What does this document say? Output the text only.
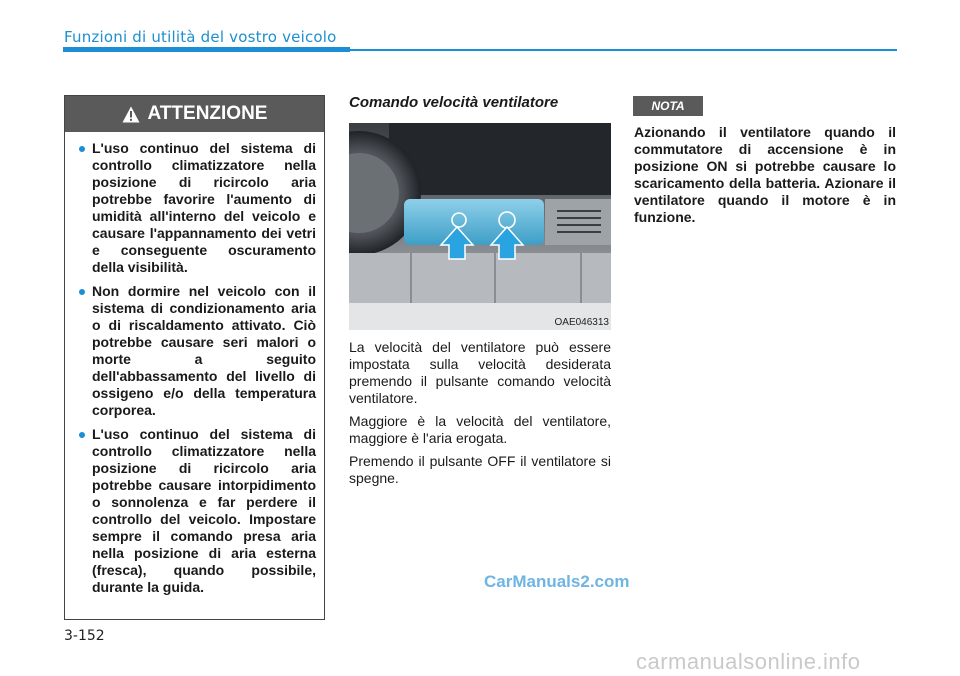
Funzioni di utilità del vostro veicolo
ATTENZIONE
L'uso continuo del sistema di controllo climatizzatore nella posizione di ricircolo aria potrebbe favorire l'aumento di umidità all'interno del veicolo e causare l'appannamento dei vetri e conseguente oscuramento della visibilità.
Non dormire nel veicolo con il sistema di condizionamento aria o di riscaldamento attivato. Ciò potrebbe causare seri malori o morte a seguito dell'abbassamento del livello di ossigeno e/o della temperatura corporea.
L'uso continuo del sistema di controllo climatizzatore nella posizione di ricircolo aria potrebbe causare intorpidimento o sonnolenza e far perdere il controllo del veicolo. Impostare sempre il comando presa aria nella posizione di aria esterna (fresca), quando possibile, durante la guida.
Comando velocità ventilatore
OAE046313

La velocità del ventilatore può essere impostata sulla velocità desiderata premendo il pulsante comando velocità ventilatore.

Maggiore è la velocità del ventilatore, maggiore è l'aria erogata.

Premendo il pulsante OFF il ventilatore si spegne.

NOTA
Azionando il ventilatore quando il commutatore di accensione è in posizione ON si potrebbe causare lo scaricamento della batteria. Azionare il ventilatore quando il motore è in funzione.
CarManuals2.com
3-152
carmanualsonline.info
